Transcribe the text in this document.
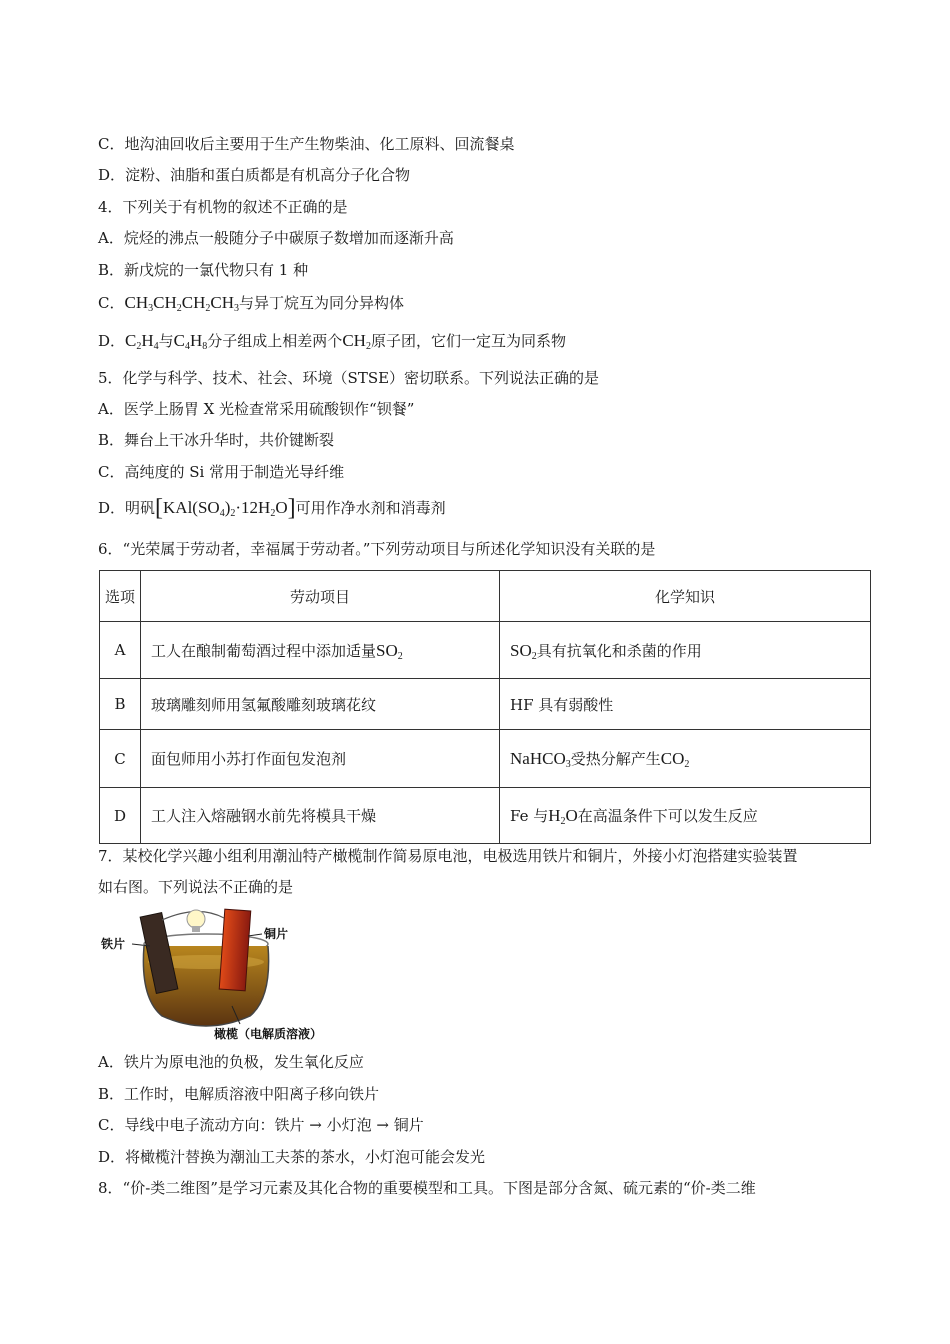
C．地沟油回收后主要用于生产生物柴油、化工原料、回流餐桌
D．淀粉、油脂和蛋白质都是有机高分子化合物
4．下列关于有机物的叙述不正确的是
A．烷烃的沸点一般随分子中碳原子数增加而逐渐升高
B．新戊烷的一氯代物只有 1 种
C．$CH_3CH_2CH_2CH_3$与异丁烷互为同分异构体
D．$C_2H_4$与$C_4H_8$分子组成上相差两个$CH_2$原子团，它们一定互为同系物
5．化学与科学、技术、社会、环境（STSE）密切联系。下列说法正确的是
A．医学上肠胃 X 光检查常采用硫酸钡作“钡餐”
B．舞台上干冰升华时，共价键断裂
C．高纯度的 Si 常用于制造光导纤维
D．明矾$[KAl(SO_4)_2\cdot 12H_2O]$可用作净水剂和消毒剂
6．“光荣属于劳动者，幸福属于劳动者。”下列劳动项目与所述化学知识没有关联的是
选项	劳动项目	化学知识
A	工人在酿制葡萄酒过程中添加适量$SO_2$	$SO_2$具有抗氧化和杀菌的作用
B	玻璃雕刻师用氢氟酸雕刻玻璃花纹	HF 具有弱酸性
C	面包师用小苏打作面包发泡剂	NaHCO$_3$受热分解产生$CO_2$
D	工人注入熔融钢水前先将模具干燥	Fe 与$H_2O$在高温条件下可以发生反应
7．某校化学兴趣小组利用潮汕特产橄榄制作简易原电池，电极选用铁片和铜片，外接小灯泡搭建实验装置
如右图。下列说法不正确的是
铁片
铜片
橄榄（电解质溶液）
A．铁片为原电池的负极，发生氧化反应
B．工作时，电解质溶液中阳离子移向铁片
C．导线中电子流动方向：铁片 → 小灯泡 → 铜片
D．将橄榄汁替换为潮汕工夫茶的茶水，小灯泡可能会发光
8．“价-类二维图”是学习元素及其化合物的重要模型和工具。下图是部分含氮、硫元素的“价-类二维
